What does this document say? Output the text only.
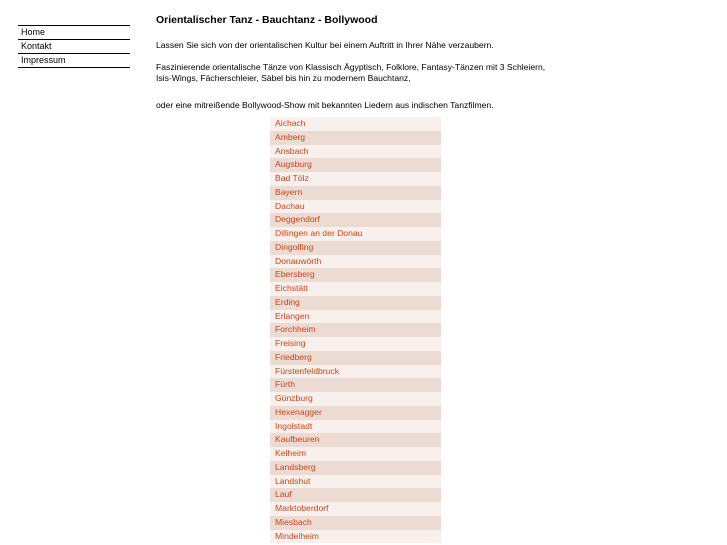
Home
Kontakt
Impressum
Orientalischer Tanz - Bauchtanz - Bollywood

Lassen Sie sich von der orientalischen Kultur bei einem Auftritt in Ihrer Nähe verzaubern.

Faszinierende orientalische Tänze von Klassisch Ägyptisch, Folklore, Fantasy-Tänzen mit 3 Schleiern,
Isis-Wings, Fächerschleier, Säbel bis hin zu modernem Bauchtanz,

oder eine mitreißende Bollywood-Show mit bekannten Liedern aus indischen Tanzfilmen.

Aichach
Amberg
Ansbach
Augsburg
Bad Tölz
Bayern
Dachau
Deggendorf
Dillingen an der Donau
Dingolfing
Donauwörth
Ebersberg
Eichstätt
Erding
Erlangen
Forchheim
Freising
Friedberg
Fürstenfeldbruck
Fürth
Günzburg
Hexenagger
Ingolstadt
Kaufbeuren
Kelheim
Landsberg
Landshut
Lauf
Marktoberdorf
Miesbach
Mindelheim
